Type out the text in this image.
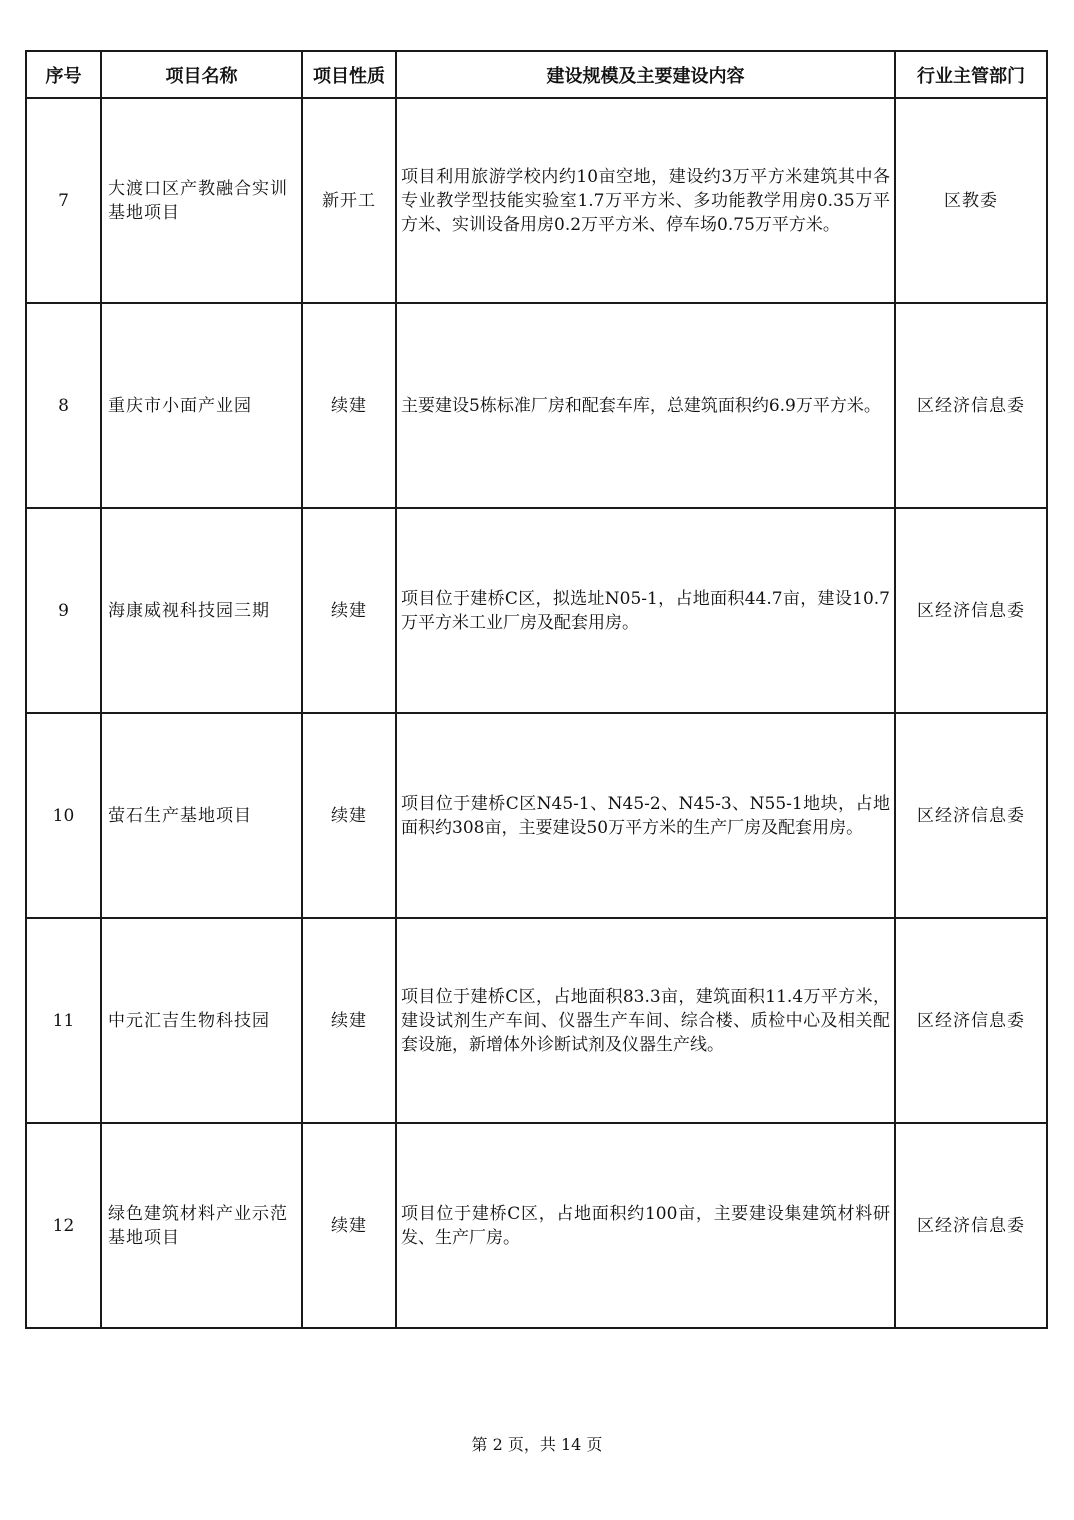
序号	项目名称	项目性质	建设规模及主要建设内容	行业主管部门
7	大渡口区产教融合实训基地项目	新开工	项目利用旅游学校内约10亩空地，建设约3万平方米建筑其中各专业教学型技能实验室1.7万平方米、多功能教学用房0.35万平方米、实训设备用房0.2万平方米、停车场0.75万平方米。	区教委
8	重庆市小面产业园	续建	主要建设5栋标准厂房和配套车库，总建筑面积约6.9万平方米。	区经济信息委
9	海康威视科技园三期	续建	项目位于建桥C区，拟选址N05-1，占地面积44.7亩，建设10.7万平方米工业厂房及配套用房。	区经济信息委
10	萤石生产基地项目	续建	项目位于建桥C区N45-1、N45-2、N45-3、N55-1地块，占地面积约308亩，主要建设50万平方米的生产厂房及配套用房。	区经济信息委
11	中元汇吉生物科技园	续建	项目位于建桥C区，占地面积83.3亩，建筑面积11.4万平方米，建设试剂生产车间、仪器生产车间、综合楼、质检中心及相关配套设施，新增体外诊断试剂及仪器生产线。	区经济信息委
12	绿色建筑材料产业示范基地项目	续建	项目位于建桥C区，占地面积约100亩，主要建设集建筑材料研发、生产厂房。	区经济信息委
第 2 页，共 14 页
